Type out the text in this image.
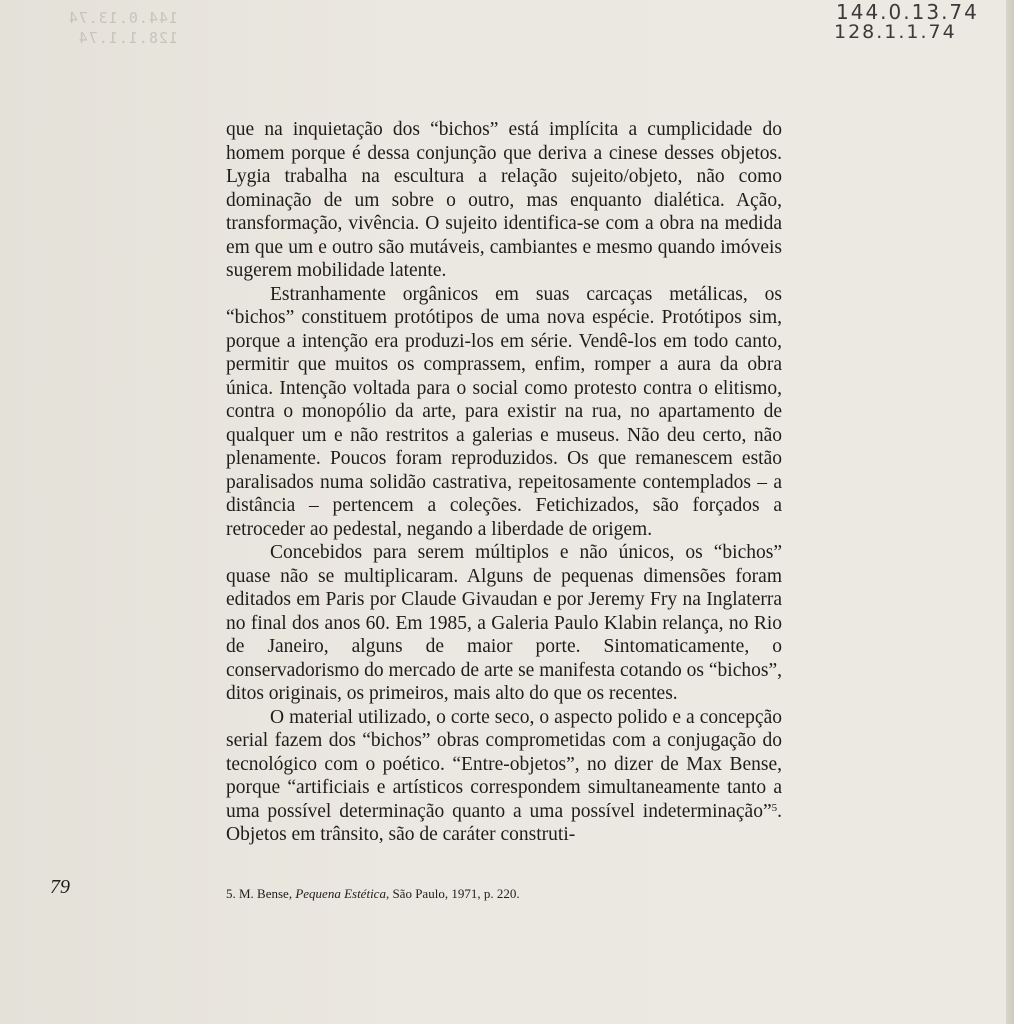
144.0.13.74
128.1.1.74
144.0.13.74
128.1.1.74

que na inquietação dos “bichos” está implícita a cumplicidade do homem porque é dessa conjunção que deriva a cinese desses objetos. Lygia trabalha na escultura a relação sujeito/objeto, não como dominação de um sobre o outro, mas enquanto dialética. Ação, transformação, vivência. O sujeito identifica-se com a obra na medida em que um e outro são mutáveis, cambiantes e mesmo quando imóveis sugerem mobilidade latente.

Estranhamente orgânicos em suas carcaças metálicas, os “bichos” constituem protótipos de uma nova espécie. Protótipos sim, porque a intenção era produzi-los em série. Vendê-los em todo canto, permitir que muitos os comprassem, enfim, romper a aura da obra única. Intenção voltada para o social como protesto contra o elitismo, contra o monopólio da arte, para existir na rua, no apartamento de qualquer um e não restritos a galerias e museus. Não deu certo, não plenamente. Poucos foram reproduzidos. Os que remanescem estão paralisados numa solidão castrativa, repeitosamente contemplados – a distância – pertencem a coleções. Fetichizados, são forçados a retroceder ao pedestal, negando a liberdade de origem.

Concebidos para serem múltiplos e não únicos, os “bichos” quase não se multiplicaram. Alguns de pequenas dimensões foram editados em Paris por Claude Givaudan e por Jeremy Fry na Inglaterra no final dos anos 60. Em 1985, a Galeria Paulo Klabin relança, no Rio de Janeiro, alguns de maior porte. Sintomaticamente, o conservadorismo do mercado de arte se manifesta cotando os “bichos”, ditos originais, os primeiros, mais alto do que os recentes.

O material utilizado, o corte seco, o aspecto polido e a concepção serial fazem dos “bichos” obras comprometidas com a conjugação do tecnológico com o poético. “Entre-objetos”, no dizer de Max Bense, porque “artificiais e artísticos correspondem simultaneamente tanto a uma possível determinação quanto a uma possível indeterminação”$^5$. Objetos em trânsito, são de caráter construti-

79	5. M. Bense, Pequena Estética, São Paulo, 1971, p. 220.
